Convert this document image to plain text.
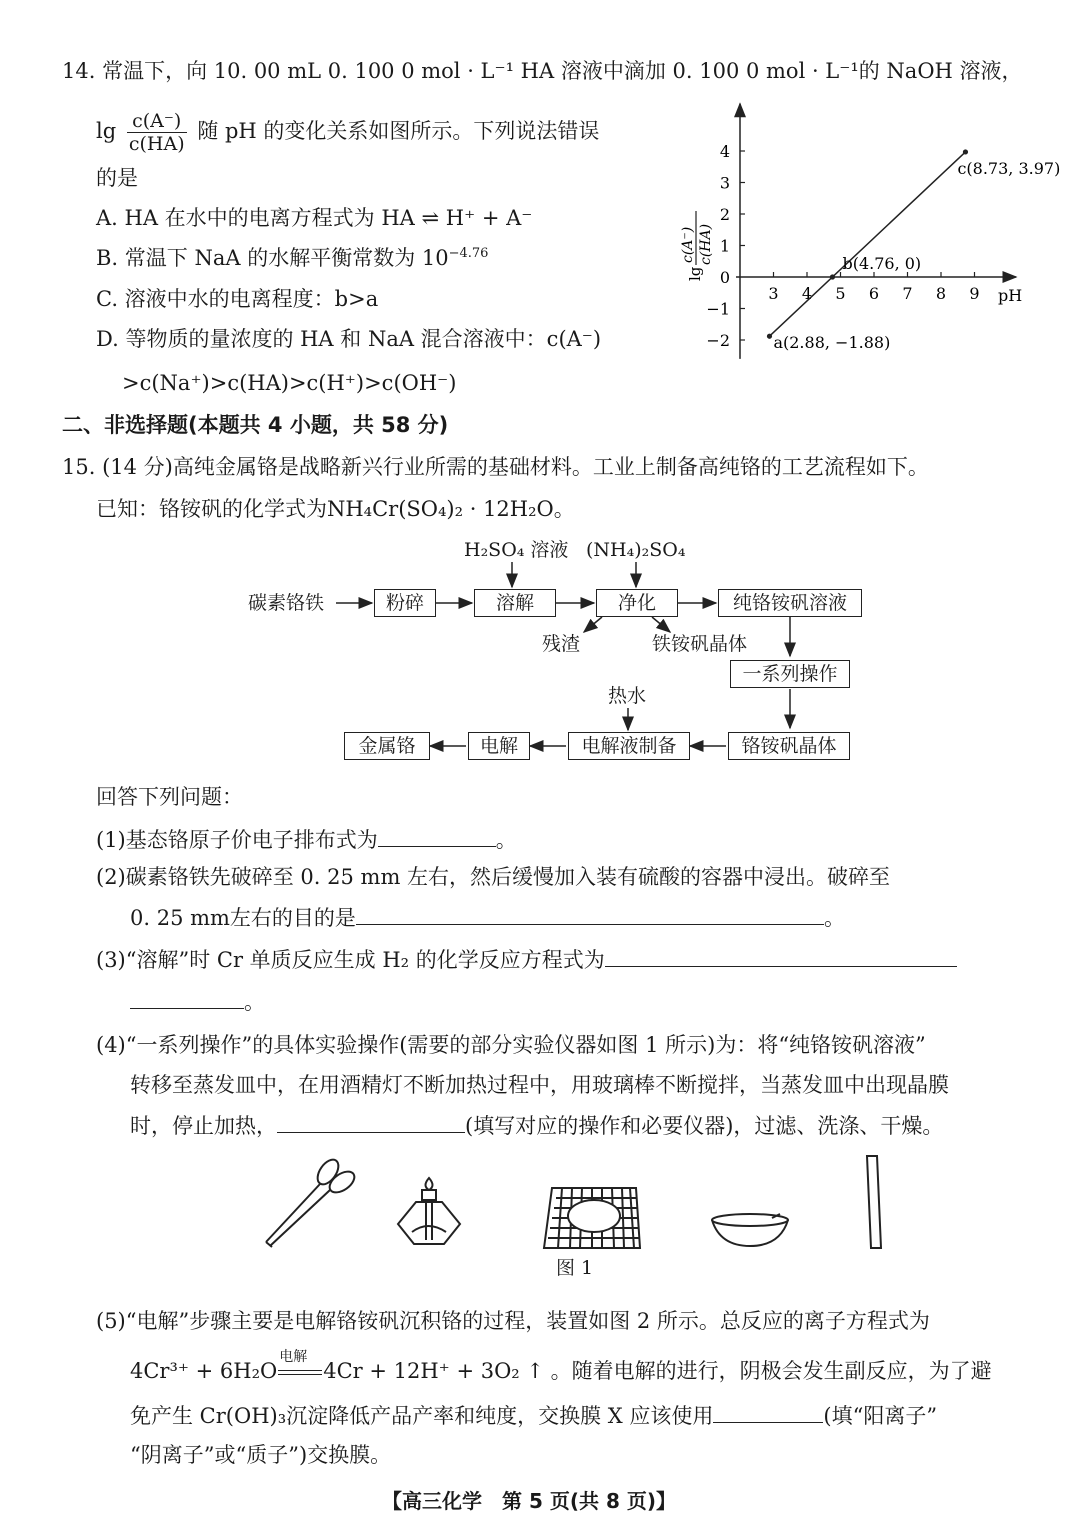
14. 常温下，向 10. 00 mL 0. 100 0 mol · L⁻¹ HA 溶液中滴加 0. 100 0 mol · L⁻¹的 NaOH 溶液，
$\lg \frac{c(A^-)}{c(HA)}$ 随 pH 的变化关系如图所示。下列说法错误
的是
A. HA 在水中的电离方程式为 HA ⇌ H⁺ + A⁻
B. 常温下 NaA 的水解平衡常数为 $10^{-4.76}$
C. 溶液中水的电离程度：b>a
D. 等物质的量浓度的 HA 和 NaA 混合溶液中：c(A⁻)
>c(Na⁺)>c(HA)>c(H⁺)>c(OH⁻)
3 4 5 6 7 8 9
−2
−1
1
2
3
4
0
pH
lg
c(A⁻) c(HA)
a(2.88, −1.88)
b(4.76, 0)
c(8.73, 3.97)
二、非选择题(本题共 4 小题，共 58 分)
15. (14 分)高纯金属铬是战略新兴行业所需的基础材料。工业上制备高纯铬的工艺流程如下。
已知：铬铵矾的化学式为NH₄Cr(SO₄)₂ · 12H₂O。
碳素铬铁	粉碎	溶解	净化	纯铬铵矾溶液
一系列操作
铬铵矾晶体
电解液制备
电解
金属铬
H₂SO₄ 溶液 (NH₄)₂SO₄
残渣	铁铵矾晶体
热水
回答下列问题：
(1)基态铬原子价电子排布式为	。
(2)碳素铬铁先破碎至 0. 25 mm 左右，然后缓慢加入装有硫酸的容器中浸出。破碎至
0. 25 mm左右的目的是	。
(3)“溶解”时 Cr 单质反应生成 H₂ 的化学反应方程式为
。
(4)“一系列操作”的具体实验操作(需要的部分实验仪器如图 1 所示)为：将“纯铬铵矾溶液”
转移至蒸发皿中，在用酒精灯不断加热过程中，用玻璃棒不断搅拌，当蒸发皿中出现晶膜
时，停止加热，	(填写对应的操作和必要仪器)，过滤、洗涤、干燥。
图 1
(5)“电解”步骤主要是电解铬铵矾沉积铬的过程，装置如图 2 所示。总反应的离子方程式为
4Cr³⁺ + 6H₂O
电解
4Cr + 12H⁺ + 3O₂ ↑ 。随着电解的进行，阴极会发生副反应，为了避
免产生 Cr(OH)₃沉淀降低产品产率和纯度，交换膜 X 应该使用	(填“阳离子”
“阴离子”或“质子”)交换膜。
【高三化学　第 5 页(共 8 页)】
